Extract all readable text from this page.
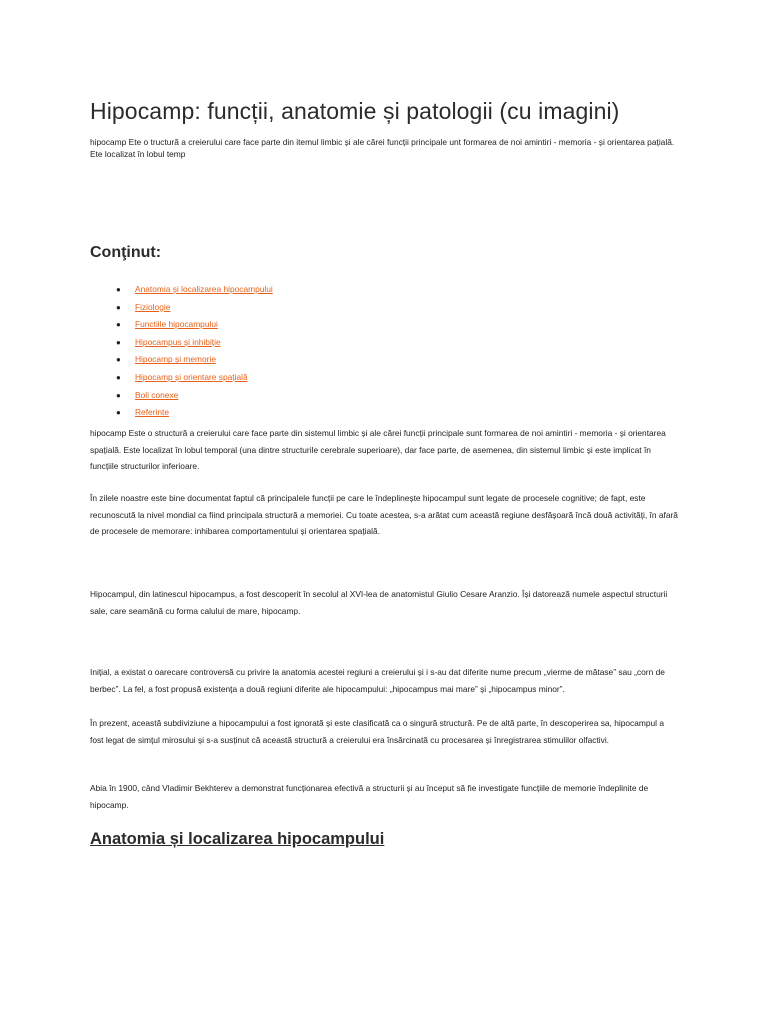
Hipocamp: funcții, anatomie și patologii (cu imagini)

hipocamp Ete o tructură a creierului care face parte din itemul limbic și ale cărei funcții principale unt formarea de noi amintiri - memoria - și orientarea pațială. Ete localizat în lobul temp

Conţinut:
● Anatomia și localizarea hipocampului
● Fiziologie
● Functiile hipocampului
● Hipocampus și inhibiție
● Hipocamp și memorie
● Hipocamp și orientare spațială
● Boli conexe
● Referinte

hipocamp Este o structură a creierului care face parte din sistemul limbic și ale cărei funcții principale sunt formarea de noi amintiri - memoria - și orientarea spațială. Este localizat în lobul temporal (una dintre structurile cerebrale superioare), dar face parte, de asemenea, din sistemul limbic și este implicat în funcțiile structurilor inferioare.

În zilele noastre este bine documentat faptul că principalele funcții pe care le îndeplinește hipocampul sunt legate de procesele cognitive; de fapt, este recunoscută la nivel mondial ca fiind principala structură a memoriei. Cu toate acestea, s-a arătat cum această regiune desfășoară încă două activități, în afară de procesele de memorare: inhibarea comportamentului și orientarea spațială.

Hipocampul, din latinescul hipocampus, a fost descoperit în secolul al XVI-lea de anatomistul Giulio Cesare Aranzio. Își datorează numele aspectul structurii sale, care seamănă cu forma calului de mare, hipocamp.

Inițial, a existat o oarecare controversă cu privire la anatomia acestei regiuni a creierului și i s-au dat diferite nume precum „vierme de mătase” sau „corn de berbec”. La fel, a fost propusă existența a două regiuni diferite ale hipocampului: „hipocampus mai mare” și „hipocampus minor”.

În prezent, această subdiviziune a hipocampului a fost ignorată și este clasificată ca o singură structură. Pe de altă parte, în descoperirea sa, hipocampul a fost legat de simțul mirosului și s-a susținut că această structură a creierului era însărcinată cu procesarea și înregistrarea stimulilor olfactivi.

Abia în 1900, când Vladimir Bekhterev a demonstrat funcționarea efectivă a structurii și au început să fie investigate funcțiile de memorie îndeplinite de hipocamp.

Anatomia și localizarea hipocampului
